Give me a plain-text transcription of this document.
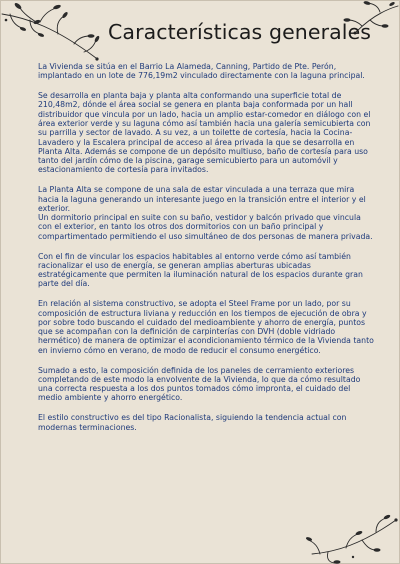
Características generales

La Vivienda se sitúa en el Barrio La Alameda, Canning, Partido de Pte. Perón, implantado en un lote de 776,19m2 vinculado directamente con la laguna principal.

Se desarrolla en planta baja y planta alta conformando una superficie total de 210,48m2, dónde el área social se genera en planta baja conformada por un hall distribuidor que vincula por un lado, hacia un amplio estar-comedor en diálogo con el área exterior verde y su laguna cómo así también hacia una galería semicubierta con su parrilla y sector de lavado. A su vez, a un toilette de cortesía, hacia la Cocina-Lavadero y la Escalera principal de acceso al área privada la que se desarrolla en Planta Alta. Además se compone de un depósito multiuso, baño de cortesía para uso tanto del jardín cómo de la piscina, garage semicubierto para un automóvil y estacionamiento de cortesía para invitados.

La Planta Alta se compone de una sala de estar vinculada a una terraza que mira hacia la laguna generando un interesante juego en la transición entre el interior y el exterior.
Un dormitorio principal en suite con su baño, vestidor y balcón privado que vincula con el exterior, en tanto los otros dos dormitorios con un baño principal y compartimentado permitiendo el uso simultáneo de dos personas de manera privada.

Con el fin de vincular los espacios habitables al entorno verde cómo así también racionalizar el uso de energía, se generan amplias aberturas ubicadas estratégicamente que permiten la iluminación natural de los espacios durante gran parte del día.

En relación al sistema constructivo, se adopta el Steel Frame por un lado, por su composición de estructura liviana y reducción en los tiempos de ejecución de obra y por sobre todo buscando el cuidado del medioambiente y ahorro de energía, puntos que se acompañan con la definición de carpinterías con DVH (doble vidriado hermético) de manera de optimizar el acondicionamiento térmico de la Vivienda tanto en invierno cómo en verano, de modo de reducir el consumo energético.

Sumado a esto, la composición definida de los paneles de cerramiento exteriores completando de este modo la envolvente de la Vivienda, lo que da cómo resultado una correcta respuesta a los dos puntos tomados cómo impronta, el cuidado del medio ambiente y ahorro energético.

El estilo constructivo es del tipo Racionalista, siguiendo la tendencia actual con modernas terminaciones.
